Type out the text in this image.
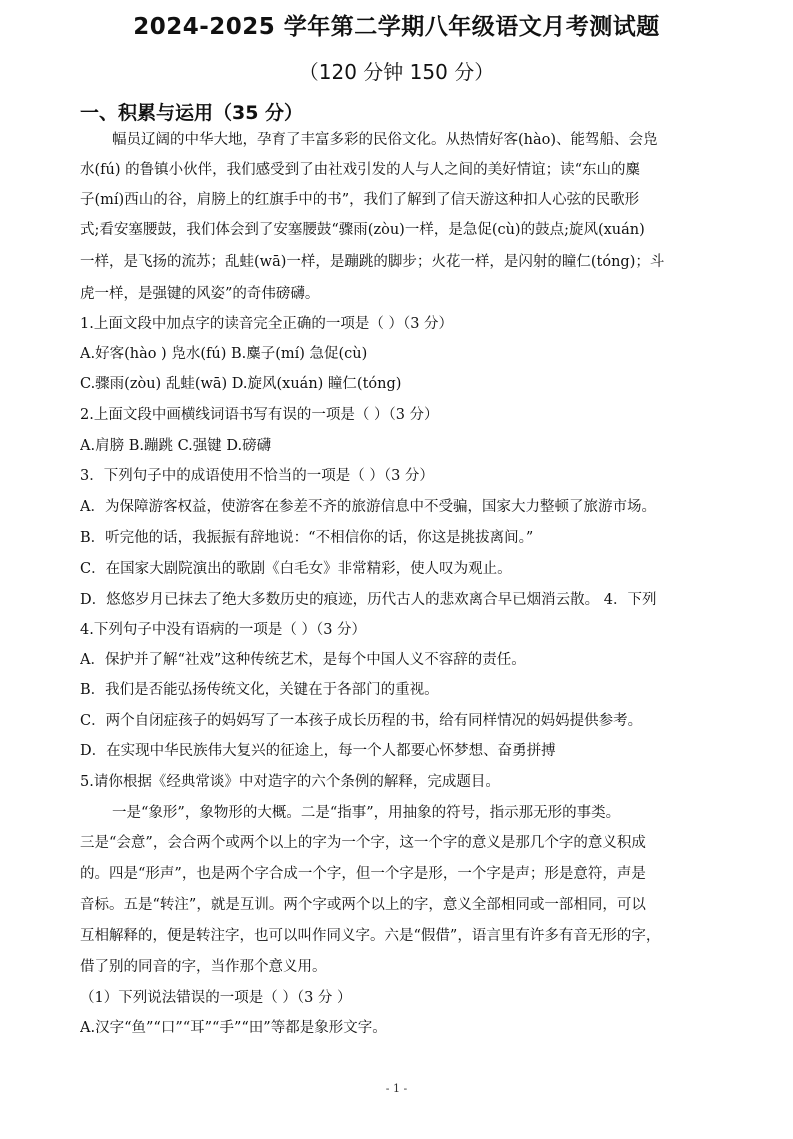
2024-2025 学年第二学期八年级语文月考测试题
（120 分钟 150 分）
一、积累与运用（35 分）
幅员辽阔的中华大地，孕育了丰富多彩的民俗文化。从热情好客(hào)、能驾船、会凫
水(fú) 的鲁镇小伙伴，我们感受到了由社戏引发的人与人之间的美好情谊；读“东山的麋
子(mí)西山的谷，肩膀上的红旗手中的书”，我们了解到了信天游这种扣人心弦的民歌形
式;看安塞腰鼓，我们体会到了安塞腰鼓“骤雨(zòu)一样，是急促(cù)的鼓点;旋风(xuán)
一样，是飞扬的流苏；乱蛙(wā)一样，是蹦跳的脚步；火花一样，是闪射的瞳仁(tóng)；斗
虎一样，是强键的风姿”的奇伟磅礴。
1.上面文段中加点字的读音完全正确的一项是（ ）（3 分）
A.好客(hào ) 凫水(fú) B.麋子(mí) 急促(cù)
C.骤雨(zòu) 乱蛙(wā) D.旋风(xuán) 瞳仁(tóng)
2.上面文段中画横线词语书写有误的一项是（ ）（3 分）
A.肩膀 B.蹦跳 C.强键 D.磅礴
3．下列句子中的成语使用不恰当的一项是（ ）（3 分）
A．为保障游客权益，使游客在参差不齐的旅游信息中不受骗，国家大力整顿了旅游市场。
B．听完他的话，我振振有辞地说：“不相信你的话，你这是挑拔离间。”
C．在国家大剧院演出的歌剧《白毛女》非常精彩，使人叹为观止。
D．悠悠岁月已抹去了绝大多数历史的痕迹，历代古人的悲欢离合早已烟消云散。 4．下列
4.下列句子中没有语病的一项是（ ）（3 分）
A．保护并了解“社戏”这种传统艺术，是每个中国人义不容辞的责任。
B．我们是否能弘扬传统文化，关键在于各部门的重视。
C．两个自闭症孩子的妈妈写了一本孩子成长历程的书，给有同样情况的妈妈提供参考。
D．在实现中华民族伟大复兴的征途上，每一个人都要心怀梦想、奋勇拼搏
5.请你根据《经典常谈》中对造字的六个条例的解释，完成题目。
一是“象形”，象物形的大概。二是“指事”，用抽象的符号，指示那无形的事类。
三是“会意”，会合两个或两个以上的字为一个字，这一个字的意义是那几个字的意义积成
的。四是“形声”，也是两个字合成一个字，但一个字是形，一个字是声；形是意符，声是
音标。五是“转注”，就是互训。两个字或两个以上的字，意义全部相同或一部相同，可以
互相解释的，便是转注字，也可以叫作同义字。六是“假借”，语言里有许多有音无形的字，
借了别的同音的字，当作那个意义用。
（1）下列说法错误的一项是（ ）（3 分 ）
A.汉字“鱼”“口”“耳”“手”“田”等都是象形文字。
- 1 -
